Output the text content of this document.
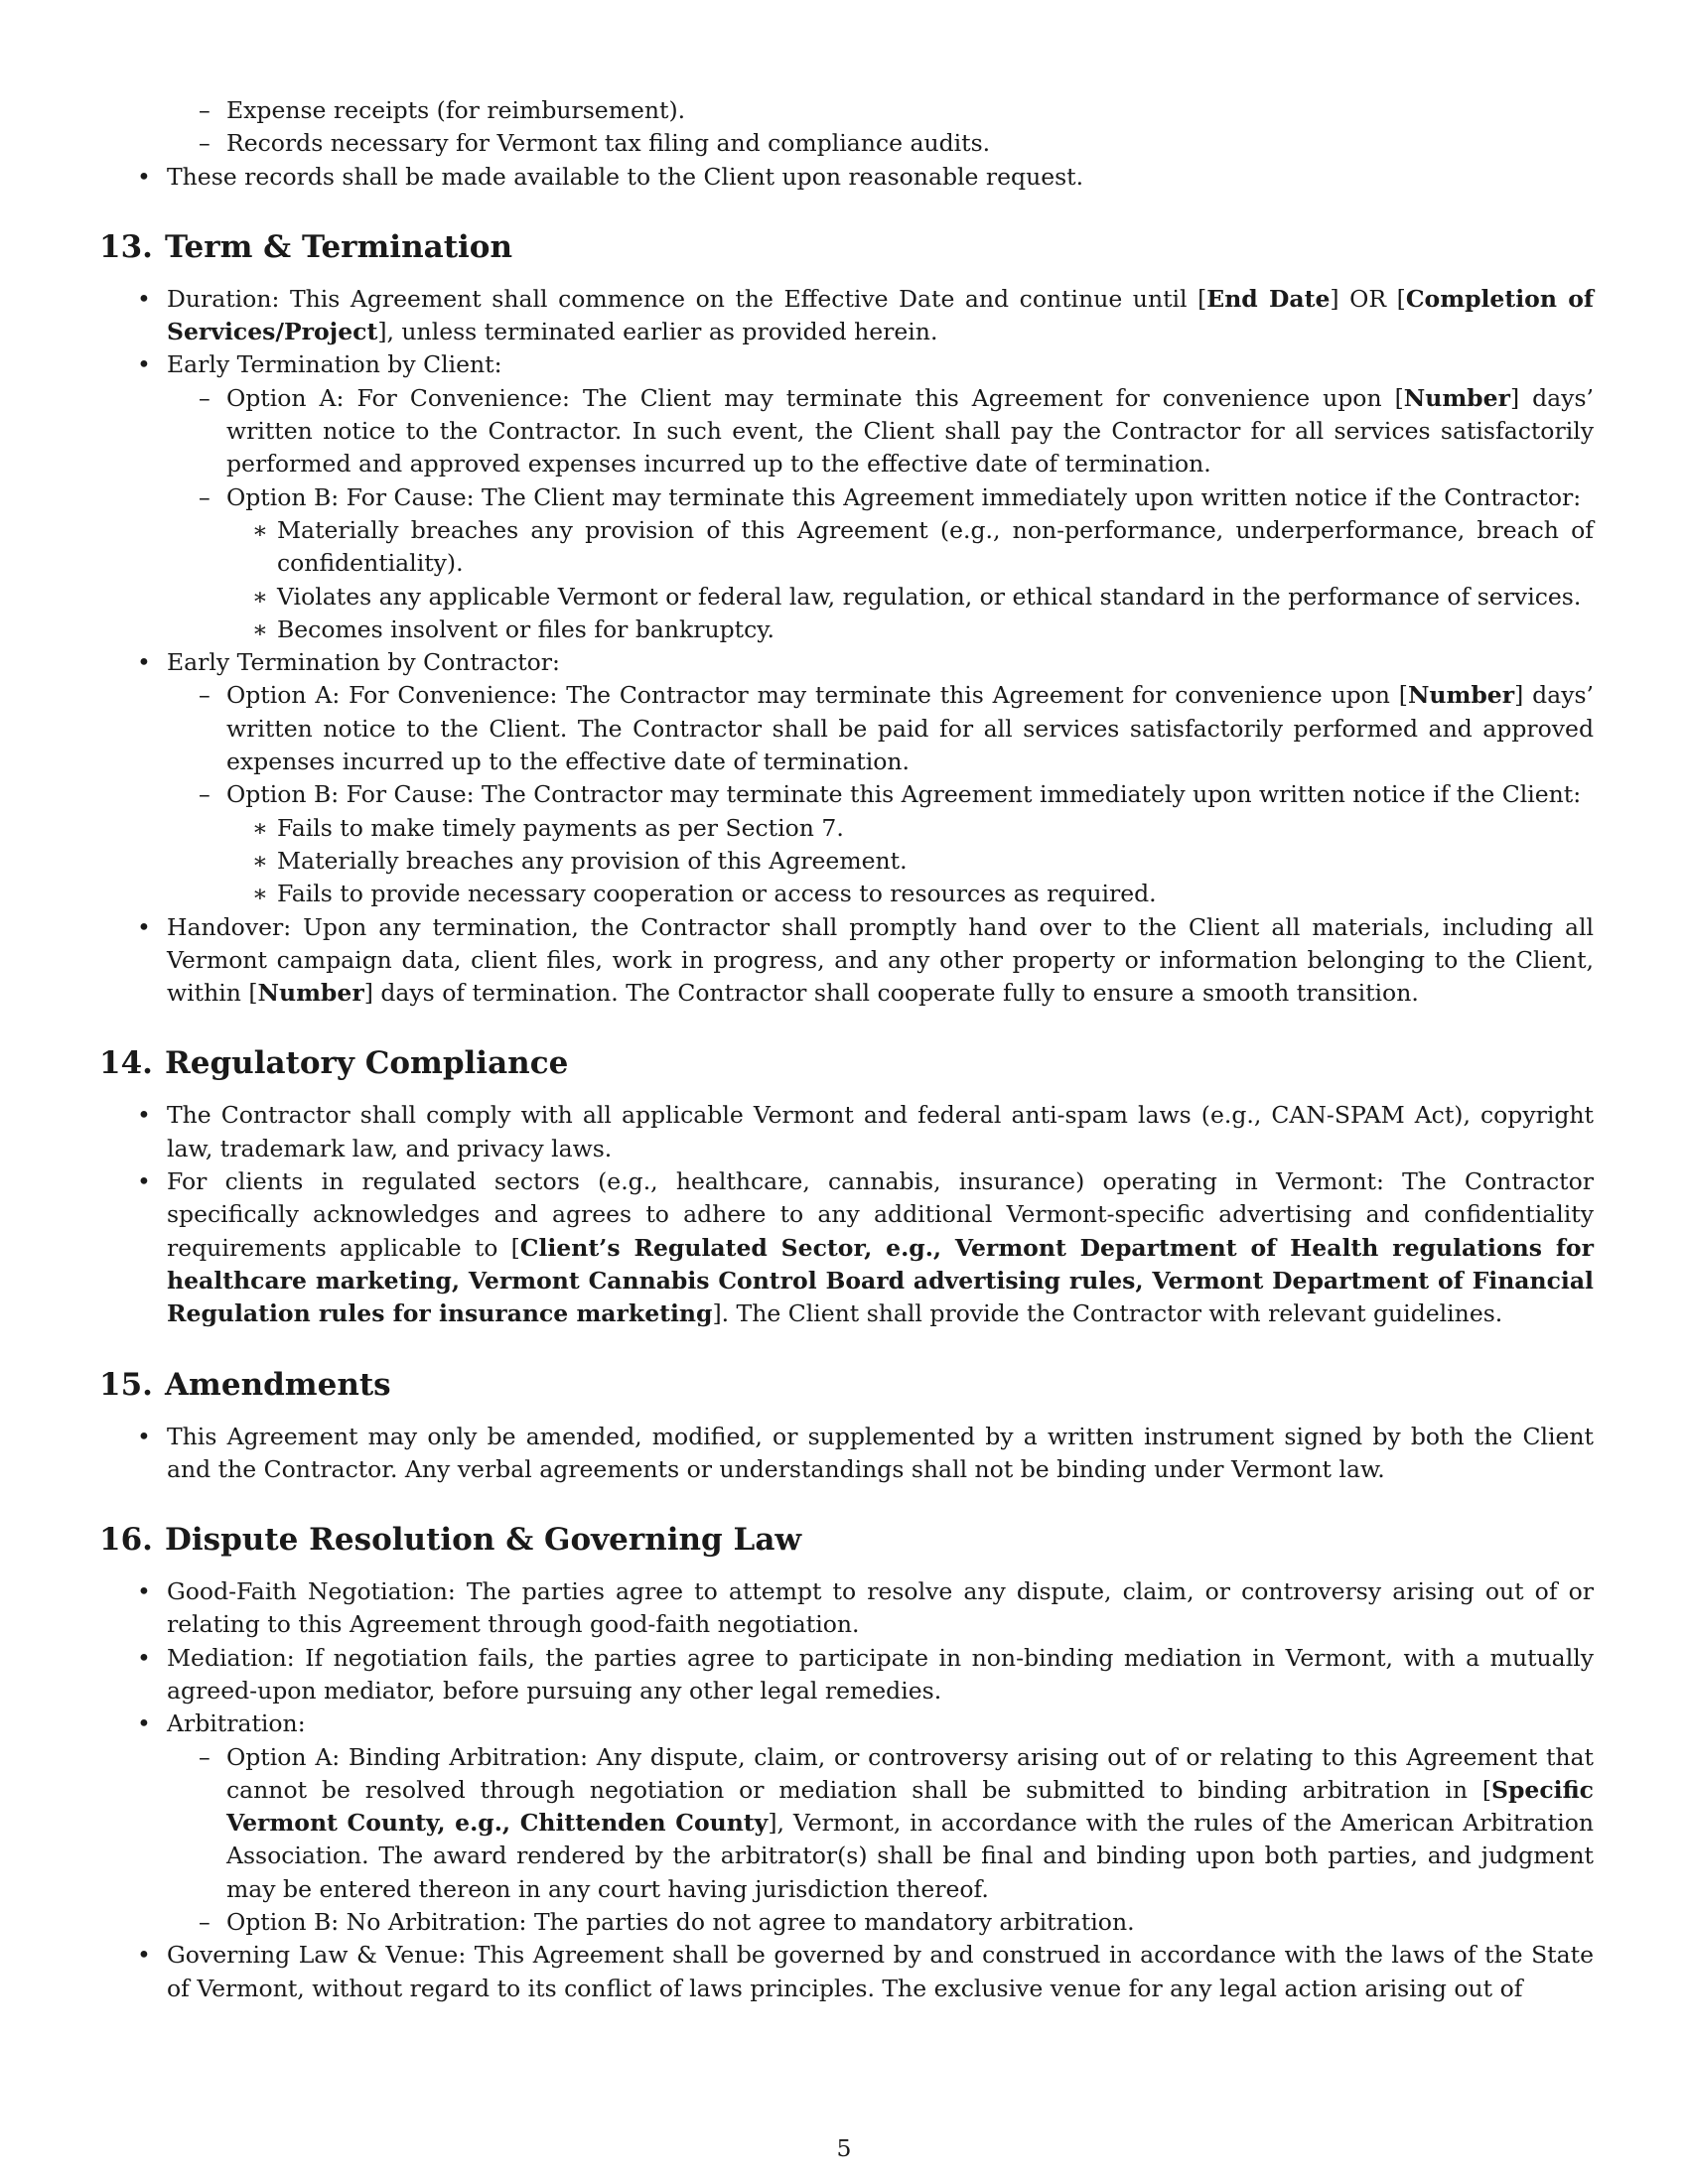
– Expense receipts (for reimbursement).
– Records necessary for Vermont tax filing and compliance audits.
• These records shall be made available to the Client upon reasonable request.
13. Term & Termination
• Duration: This Agreement shall commence on the Effective Date and continue until [End Date] OR [Completion of Services/Project], unless terminated earlier as provided herein.
• Early Termination by Client:
– Option A: For Convenience: The Client may terminate this Agreement for convenience upon [Number] days’ written notice to the Contractor. In such event, the Client shall pay the Contractor for all services satisfactorily performed and approved expenses incurred up to the effective date of termination.
– Option B: For Cause: The Client may terminate this Agreement immediately upon written notice if the Contractor:
∗ Materially breaches any provision of this Agreement (e.g., non-performance, underperformance, breach of confidentiality).
∗ Violates any applicable Vermont or federal law, regulation, or ethical standard in the performance of services.
∗ Becomes insolvent or files for bankruptcy.
• Early Termination by Contractor:
– Option A: For Convenience: The Contractor may terminate this Agreement for convenience upon [Number] days’ written notice to the Client. The Contractor shall be paid for all services satisfactorily performed and approved expenses incurred up to the effective date of termination.
– Option B: For Cause: The Contractor may terminate this Agreement immediately upon written notice if the Client:
∗ Fails to make timely payments as per Section 7.
∗ Materially breaches any provision of this Agreement.
∗ Fails to provide necessary cooperation or access to resources as required.
• Handover: Upon any termination, the Contractor shall promptly hand over to the Client all materials, including all Vermont campaign data, client files, work in progress, and any other property or information belonging to the Client, within [Number] days of termination. The Contractor shall cooperate fully to ensure a smooth transition.
14. Regulatory Compliance
• The Contractor shall comply with all applicable Vermont and federal anti-spam laws (e.g., CAN-SPAM Act), copyright law, trademark law, and privacy laws.
• For clients in regulated sectors (e.g., healthcare, cannabis, insurance) operating in Vermont: The Contractor specifically acknowledges and agrees to adhere to any additional Vermont-specific advertising and confidentiality requirements applicable to [Client’s Regulated Sector, e.g., Vermont Department of Health regulations for healthcare marketing, Vermont Cannabis Control Board advertising rules, Vermont Department of Financial Regulation rules for insurance marketing]. The Client shall provide the Contractor with relevant guidelines.
15. Amendments
• This Agreement may only be amended, modified, or supplemented by a written instrument signed by both the Client and the Contractor. Any verbal agreements or understandings shall not be binding under Vermont law.
16. Dispute Resolution & Governing Law
• Good-Faith Negotiation: The parties agree to attempt to resolve any dispute, claim, or controversy arising out of or relating to this Agreement through good-faith negotiation.
• Mediation: If negotiation fails, the parties agree to participate in non-binding mediation in Vermont, with a mutually agreed-upon mediator, before pursuing any other legal remedies.
• Arbitration:
– Option A: Binding Arbitration: Any dispute, claim, or controversy arising out of or relating to this Agreement that cannot be resolved through negotiation or mediation shall be submitted to binding arbitration in [Specific Vermont County, e.g., Chittenden County], Vermont, in accordance with the rules of the American Arbitration Association. The award rendered by the arbitrator(s) shall be final and binding upon both parties, and judgment may be entered thereon in any court having jurisdiction thereof.
– Option B: No Arbitration: The parties do not agree to mandatory arbitration.
• Governing Law & Venue: This Agreement shall be governed by and construed in accordance with the laws of the State of Vermont, without regard to its conflict of laws principles. The exclusive venue for any legal action arising out of
5
